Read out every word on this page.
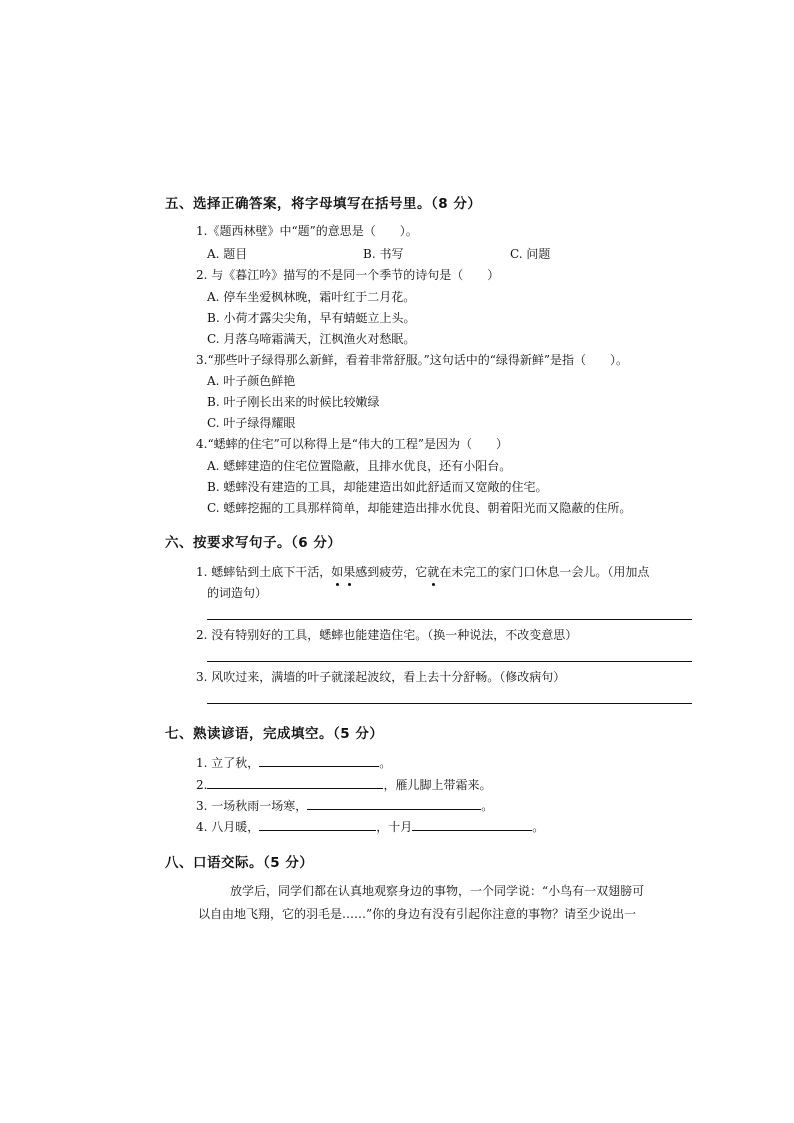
五、选择正确答案，将字母填写在括号里。（8 分）
1.《题西林壁》中“题”的意思是（　　）。
A. 题目	B. 书写	C. 问题
2. 与《暮江吟》描写的不是同一个季节的诗句是（　　）
A. 停车坐爱枫林晚，霜叶红于二月花。
B. 小荷才露尖尖角，早有蜻蜓立上头。
C. 月落乌啼霜满天，江枫渔火对愁眠。
3.“那些叶子绿得那么新鲜，看着非常舒服。”这句话中的“绿得新鲜”是指（　　）。
A. 叶子颜色鲜艳
B. 叶子刚长出来的时候比较嫩绿
C. 叶子绿得耀眼
4.“蟋蟀的住宅”可以称得上是“伟大的工程”是因为（　　）
A. 蟋蟀建造的住宅位置隐蔽，且排水优良，还有小阳台。
B. 蟋蟀没有建造的工具，却能建造出如此舒适而又宽敞的住宅。
C. 蟋蟀挖掘的工具那样简单，却能建造出排水优良、朝着阳光而又隐蔽的住所。
六、按要求写句子。（6 分）
1. 蟋蟀钻到土底下干活，如果感到疲劳，它就在未完工的家门口休息一会儿。（用加点
的词造句）
2. 没有特别好的工具，蟋蟀也能建造住宅。（换一种说法，不改变意思）
3. 风吹过来，满墙的叶子就漾起波纹，看上去十分舒畅。（修改病句）
七、熟读谚语，完成填空。（5 分）
1. 立了秋，	。
2.	，雁儿脚上带霜来。
3. 一场秋雨一场寒，	。
4. 八月暖，	，十月	。
八、口语交际。（5 分）
放学后，同学们都在认真地观察身边的事物，一个同学说：“小鸟有一双翅膀可
以自由地飞翔，它的羽毛是……”你的身边有没有引起你注意的事物？请至少说出一
